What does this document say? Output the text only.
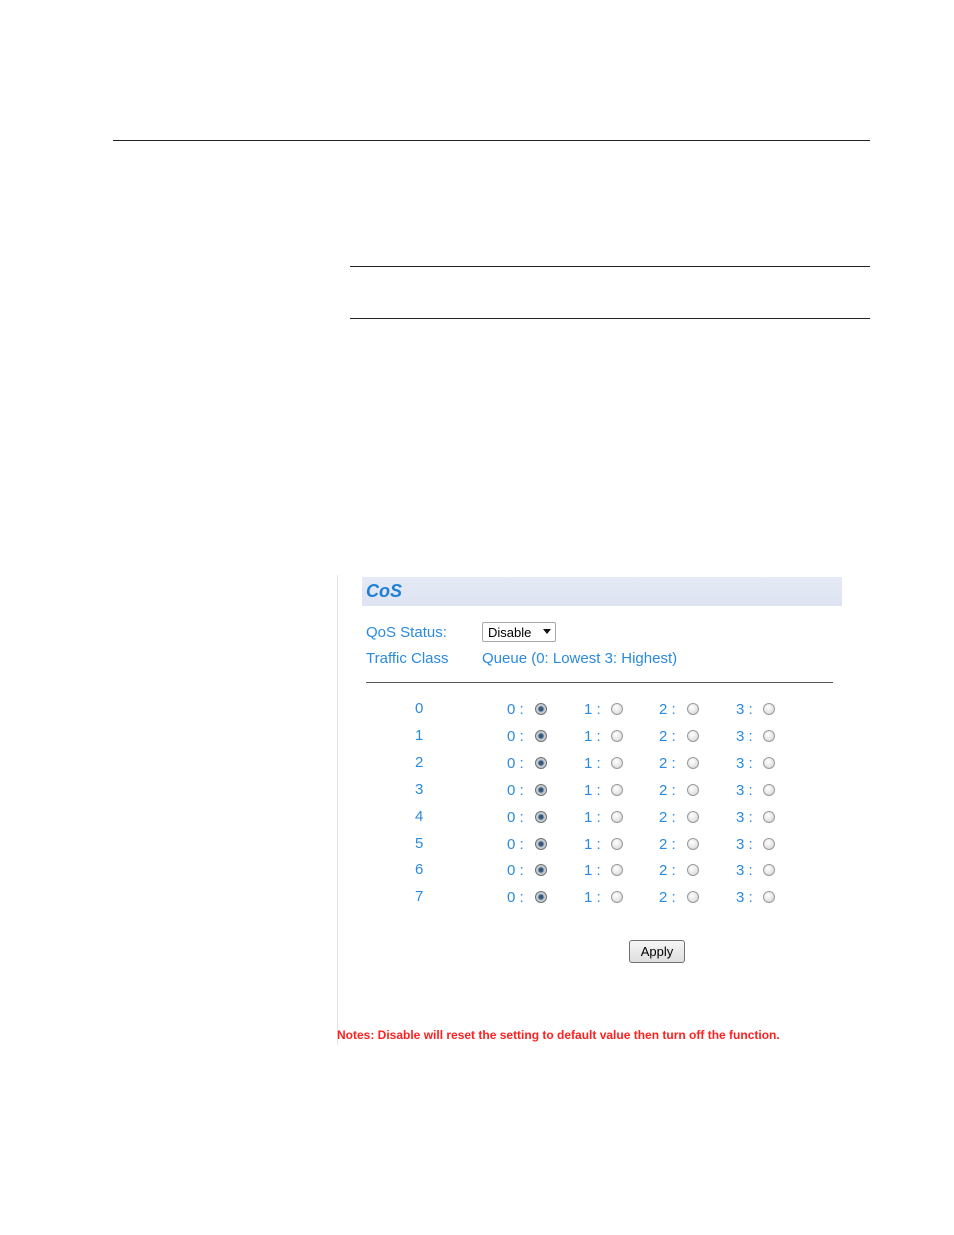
CoS
QoS Status:	Disable
Traffic Class Queue (0: Lowest 3: Highest)
0	0 :	1 :	2 :	3 :
1	0 :	1 :	2 :	3 :
2	0 :	1 :	2 :	3 :
3	0 :	1 :	2 :	3 :
4	0 :	1 :	2 :	3 :
5	0 :	1 :	2 :	3 :
6	0 :	1 :	2 :	3 :
7	0 :	1 :	2 :	3 :
Apply
Notes: Disable will reset the setting to default value then turn off the function.
